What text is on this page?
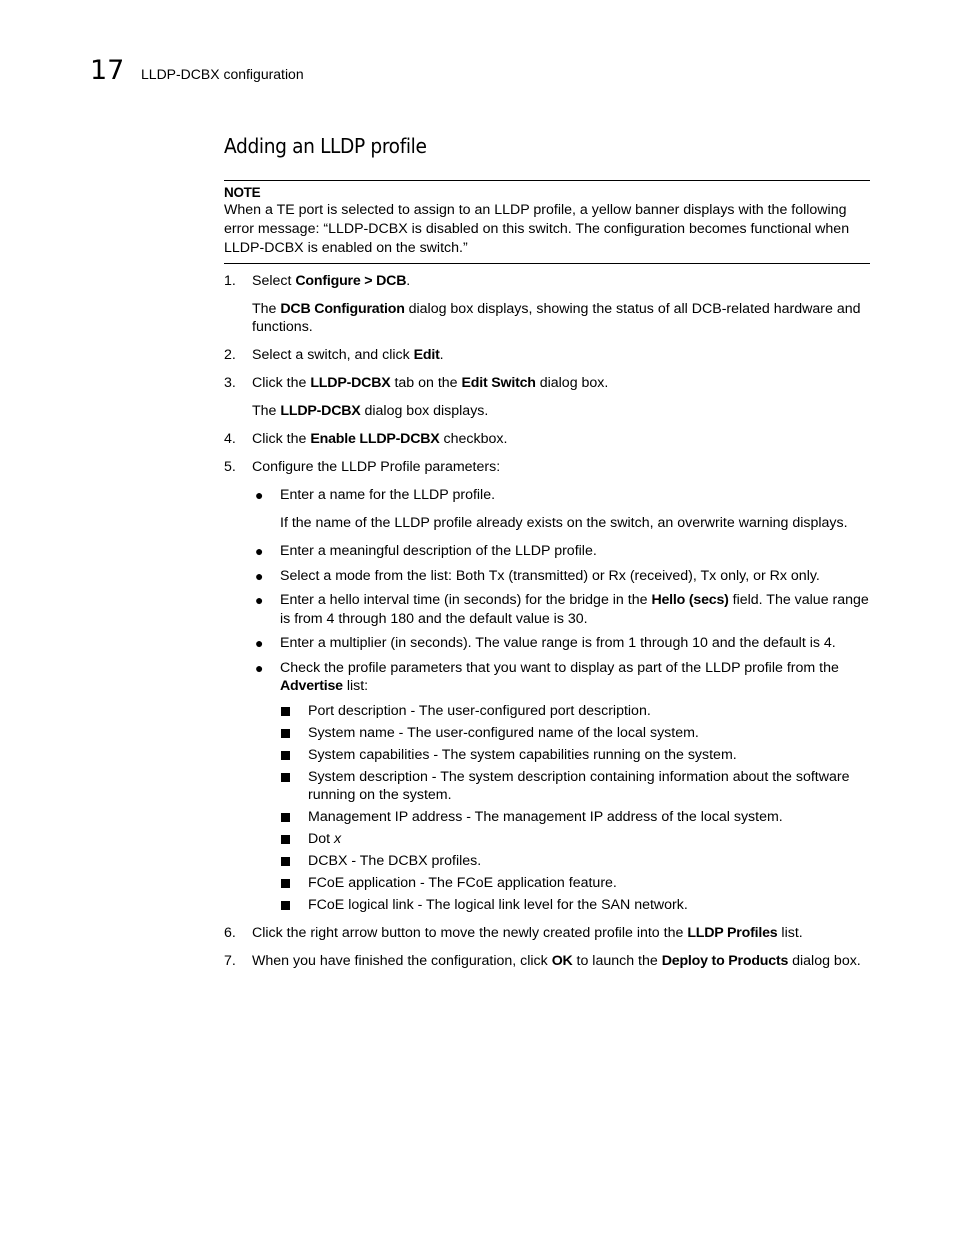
17 LLDP-DCBX configuration
Adding an LLDP profile
NOTE
When a TE port is selected to assign to an LLDP profile, a yellow banner displays with the following error message: “LLDP-DCBX is disabled on this switch. The configuration becomes functional when LLDP-DCBX is enabled on the switch.”
1. Select Configure > DCB.

The DCB Configuration dialog box displays, showing the status of all DCB-related hardware and functions.

2. Select a switch, and click Edit.

3. Click the LLDP-DCBX tab on the Edit Switch dialog box.

The LLDP-DCBX dialog box displays.

4. Click the Enable LLDP-DCBX checkbox.

5. Configure the LLDP Profile parameters:

● Enter a name for the LLDP profile.

If the name of the LLDP profile already exists on the switch, an overwrite warning displays.

● Enter a meaningful description of the LLDP profile.

● Select a mode from the list: Both Tx (transmitted) or Rx (received), Tx only, or Rx only.

● Enter a hello interval time (in seconds) for the bridge in the Hello (secs) field. The value range is from 4 through 180 and the default value is 30.

● Enter a multiplier (in seconds). The value range is from 1 through 10 and the default is 4.

● Check the profile parameters that you want to display as part of the LLDP profile from the Advertise list:

Port description - The user-configured port description.
System name - The user-configured name of the local system.
System capabilities - The system capabilities running on the system.
System description - The system description containing information about the software running on the system.
Management IP address - The management IP address of the local system.
Dot x
DCBX - The DCBX profiles.
FCoE application - The FCoE application feature.
FCoE logical link - The logical link level for the SAN network.
6. Click the right arrow button to move the newly created profile into the LLDP Profiles list.

7. When you have finished the configuration, click OK to launch the Deploy to Products dialog box.
